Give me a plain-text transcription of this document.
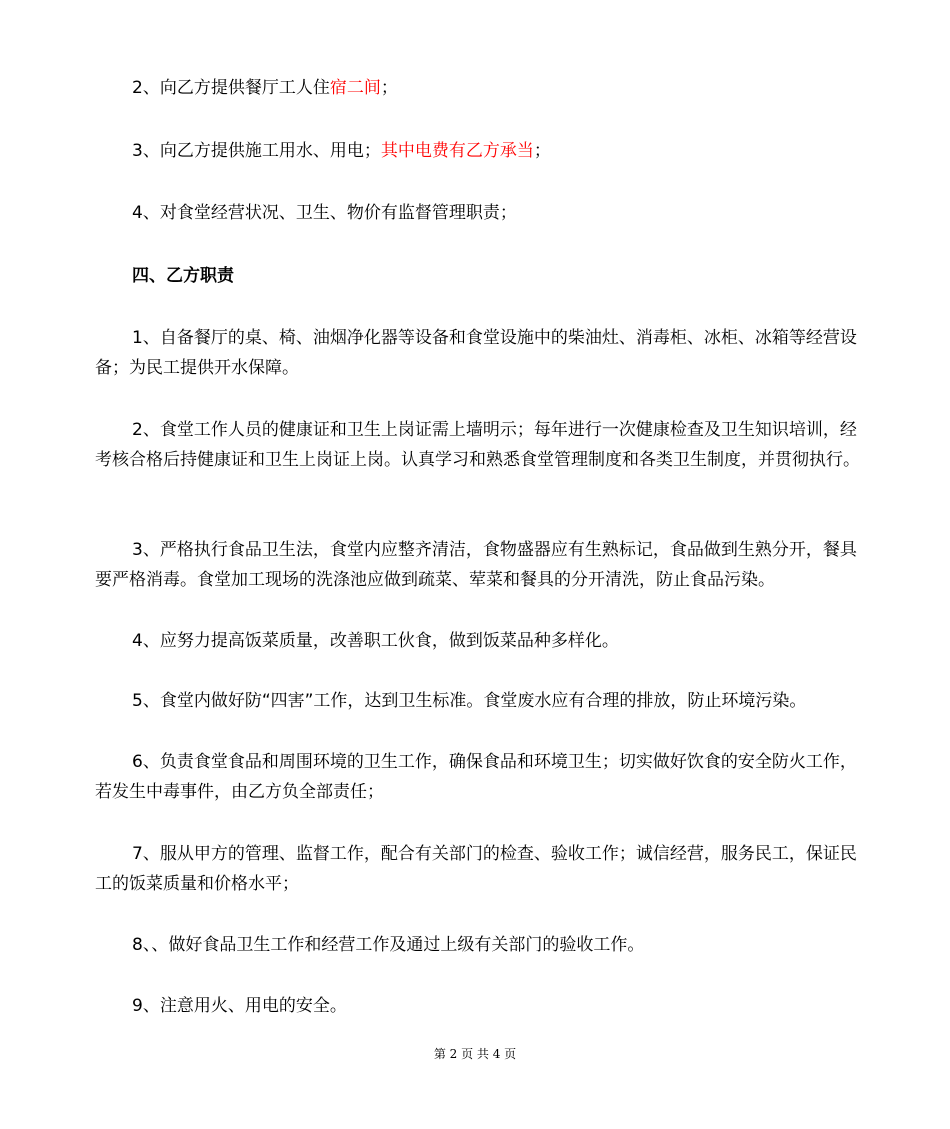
2、向乙方提供餐厅工人住宿二间；

3、向乙方提供施工用水、用电；其中电费有乙方承当；

4、对食堂经营状况、卫生、物价有监督管理职责；

四、乙方职责

1、自备餐厅的桌、椅、油烟净化器等设备和食堂设施中的柴油灶、消毒柜、冰柜、冰箱等经营设备；为民工提供开水保障。

2、食堂工作人员的健康证和卫生上岗证需上墙明示；每年进行一次健康检查及卫生知识培训，经考核合格后持健康证和卫生上岗证上岗。认真学习和熟悉食堂管理制度和各类卫生制度，并贯彻执行。

3、严格执行食品卫生法，食堂内应整齐清洁，食物盛器应有生熟标记，食品做到生熟分开，餐具要严格消毒。食堂加工现场的洗涤池应做到疏菜、荤菜和餐具的分开清洗，防止食品污染。

4、应努力提高饭菜质量，改善职工伙食，做到饭菜品种多样化。

5、食堂内做好防“四害”工作，达到卫生标准。食堂废水应有合理的排放，防止环境污染。

6、负责食堂食品和周围环境的卫生工作，确保食品和环境卫生；切实做好饮食的安全防火工作，若发生中毒事件，由乙方负全部责任；

7、服从甲方的管理、监督工作，配合有关部门的检查、验收工作；诚信经营，服务民工，保证民工的饭菜质量和价格水平；

8、、做好食品卫生工作和经营工作及通过上级有关部门的验收工作。

9、注意用火、用电的安全。

第 2 页 共 4 页
